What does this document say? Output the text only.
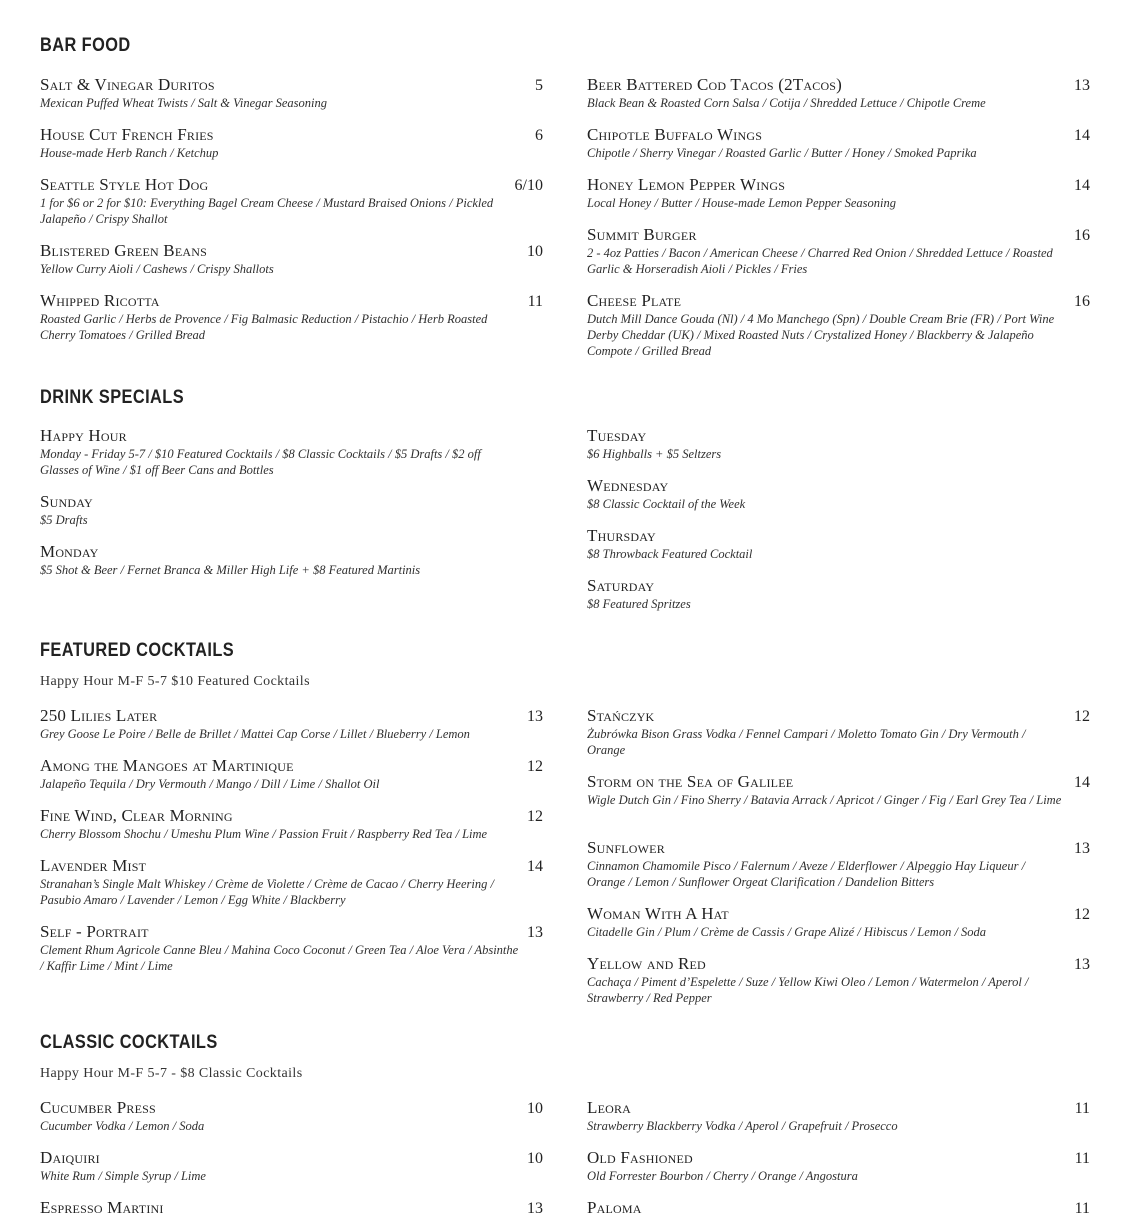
BAR FOOD
Salt & Vinegar Duritos	5
Mexican Puffed Wheat Twists / Salt & Vinegar Seasoning
House Cut French Fries	6
House-made Herb Ranch / Ketchup
Seattle Style Hot Dog	6/10
1 for $6 or 2 for $10: Everything Bagel Cream Cheese / Mustard Braised Onions / Pickled Jalapeño / Crispy Shallot
Blistered Green Beans	10
Yellow Curry Aioli / Cashews / Crispy Shallots
Whipped Ricotta	11
Roasted Garlic / Herbs de Provence / Fig Balmasic Reduction / Pistachio / Herb Roasted Cherry Tomatoes / Grilled Bread
Beer Battered Cod Tacos (2Tacos)	13
Black Bean & Roasted Corn Salsa / Cotija / Shredded Lettuce / Chipotle Creme
Chipotle Buffalo Wings	14
Chipotle / Sherry Vinegar / Roasted Garlic / Butter / Honey / Smoked Paprika
Honey Lemon Pepper Wings	14
Local Honey / Butter / House-made Lemon Pepper Seasoning
Summit Burger	16
2 - 4oz Patties / Bacon / American Cheese / Charred Red Onion / Shredded Lettuce / Roasted Garlic & Horseradish Aioli / Pickles / Fries
Cheese Plate	16
Dutch Mill Dance Gouda (Nl) / 4 Mo Manchego (Spn) / Double Cream Brie (FR) / Port Wine Derby Cheddar (UK) / Mixed Roasted Nuts / Crystalized Honey / Blackberry & Jalapeño Compote / Grilled Bread
DRINK SPECIALS
Happy Hour
Monday - Friday 5-7 / $10 Featured Cocktails / $8 Classic Cocktails / $5 Drafts / $2 off Glasses of Wine / $1 off Beer Cans and Bottles
Sunday
$5 Drafts
Monday
$5 Shot & Beer / Fernet Branca & Miller High Life + $8 Featured Martinis
Tuesday
$6 Highballs + $5 Seltzers
Wednesday
$8 Classic Cocktail of the Week
Thursday
$8 Throwback Featured Cocktail
Saturday
$8 Featured Spritzes
FEATURED COCKTAILS
Happy Hour M-F 5-7 $10 Featured Cocktails
250 Lilies Later	13
Grey Goose Le Poire / Belle de Brillet / Mattei Cap Corse / Lillet / Blueberry / Lemon
Among the Mangoes at Martinique	12
Jalapeño Tequila / Dry Vermouth / Mango / Dill / Lime / Shallot Oil
Fine Wind, Clear Morning	12
Cherry Blossom Shochu / Umeshu Plum Wine / Passion Fruit / Raspberry Red Tea / Lime
Lavender Mist	14
Stranahan’s Single Malt Whiskey / Crème de Violette / Crème de Cacao / Cherry Heering / Pasubio Amaro / Lavender / Lemon / Egg White / Blackberry
Self - Portrait	13
Clement Rhum Agricole Canne Bleu / Mahina Coco Coconut / Green Tea / Aloe Vera / Absinthe / Kaffir Lime / Mint / Lime
Stańczyk	12
Żubrówka Bison Grass Vodka / Fennel Campari / Moletto Tomato Gin / Dry Vermouth / Orange
Storm on the Sea of Galilee	14
Wigle Dutch Gin / Fino Sherry / Batavia Arrack / Apricot / Ginger / Fig / Earl Grey Tea / Lime
Sunflower	13
Cinnamon Chamomile Pisco / Falernum / Aveze / Elderflower / Alpeggio Hay Liqueur / Orange / Lemon / Sunflower Orgeat Clarification / Dandelion Bitters
Woman With A Hat	12
Citadelle Gin / Plum / Crème de Cassis / Grape Alizé / Hibiscus / Lemon / Soda
Yellow and Red	13
Cachaça / Piment d’Espelette / Suze / Yellow Kiwi Oleo / Lemon / Watermelon / Aperol / Strawberry / Red Pepper
CLASSIC COCKTAILS
Happy Hour M-F 5-7 - $8 Classic Cocktails
Cucumber Press	10
Cucumber Vodka / Lemon / Soda
Daiquiri	10
White Rum / Simple Syrup / Lime
Espresso Martini	13
Leora	11
Strawberry Blackberry Vodka / Aperol / Grapefruit / Prosecco
Old Fashioned	11
Old Forrester Bourbon / Cherry / Orange / Angostura
Paloma	11
